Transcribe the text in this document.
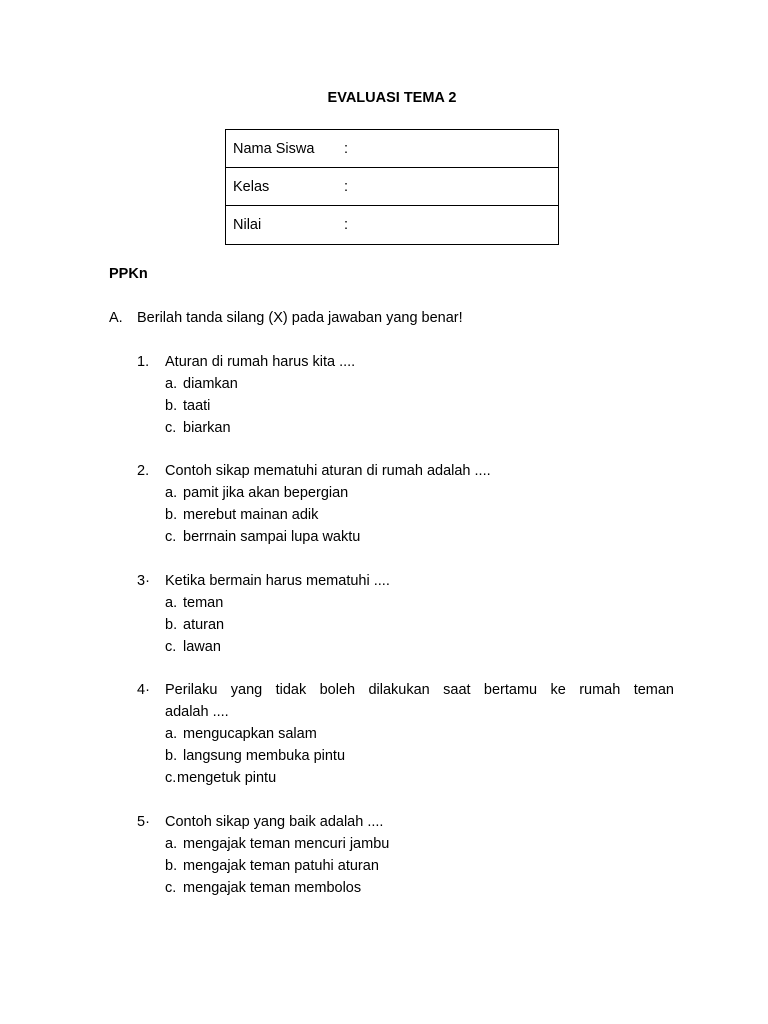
EVALUASI TEMA 2
Nama Siswa	:
Kelas	:
Nilai	:
PPKn
A. Berilah tanda silang (X) pada jawaban yang benar!
1.	Aturan di rumah harus kita ....
a. diamkan
b. taati
c. biarkan
2.	Contoh sikap mematuhi aturan di rumah adalah ....
a. pamit jika akan bepergian
b. merebut mainan adik
c. berrnain sampai lupa waktu
3·	Ketika bermain harus mematuhi ....
a. teman
b. aturan
c. lawan
4·	Perilaku yang tidak boleh dilakukan saat bertamu ke rumah teman
adalah ....
a. mengucapkan salam
b. langsung membuka pintu
c. mengetuk pintu
5·	Contoh sikap yang baik adalah ....
a. mengajak teman mencuri jambu
b. mengajak teman patuhi aturan
c. mengajak teman membolos
